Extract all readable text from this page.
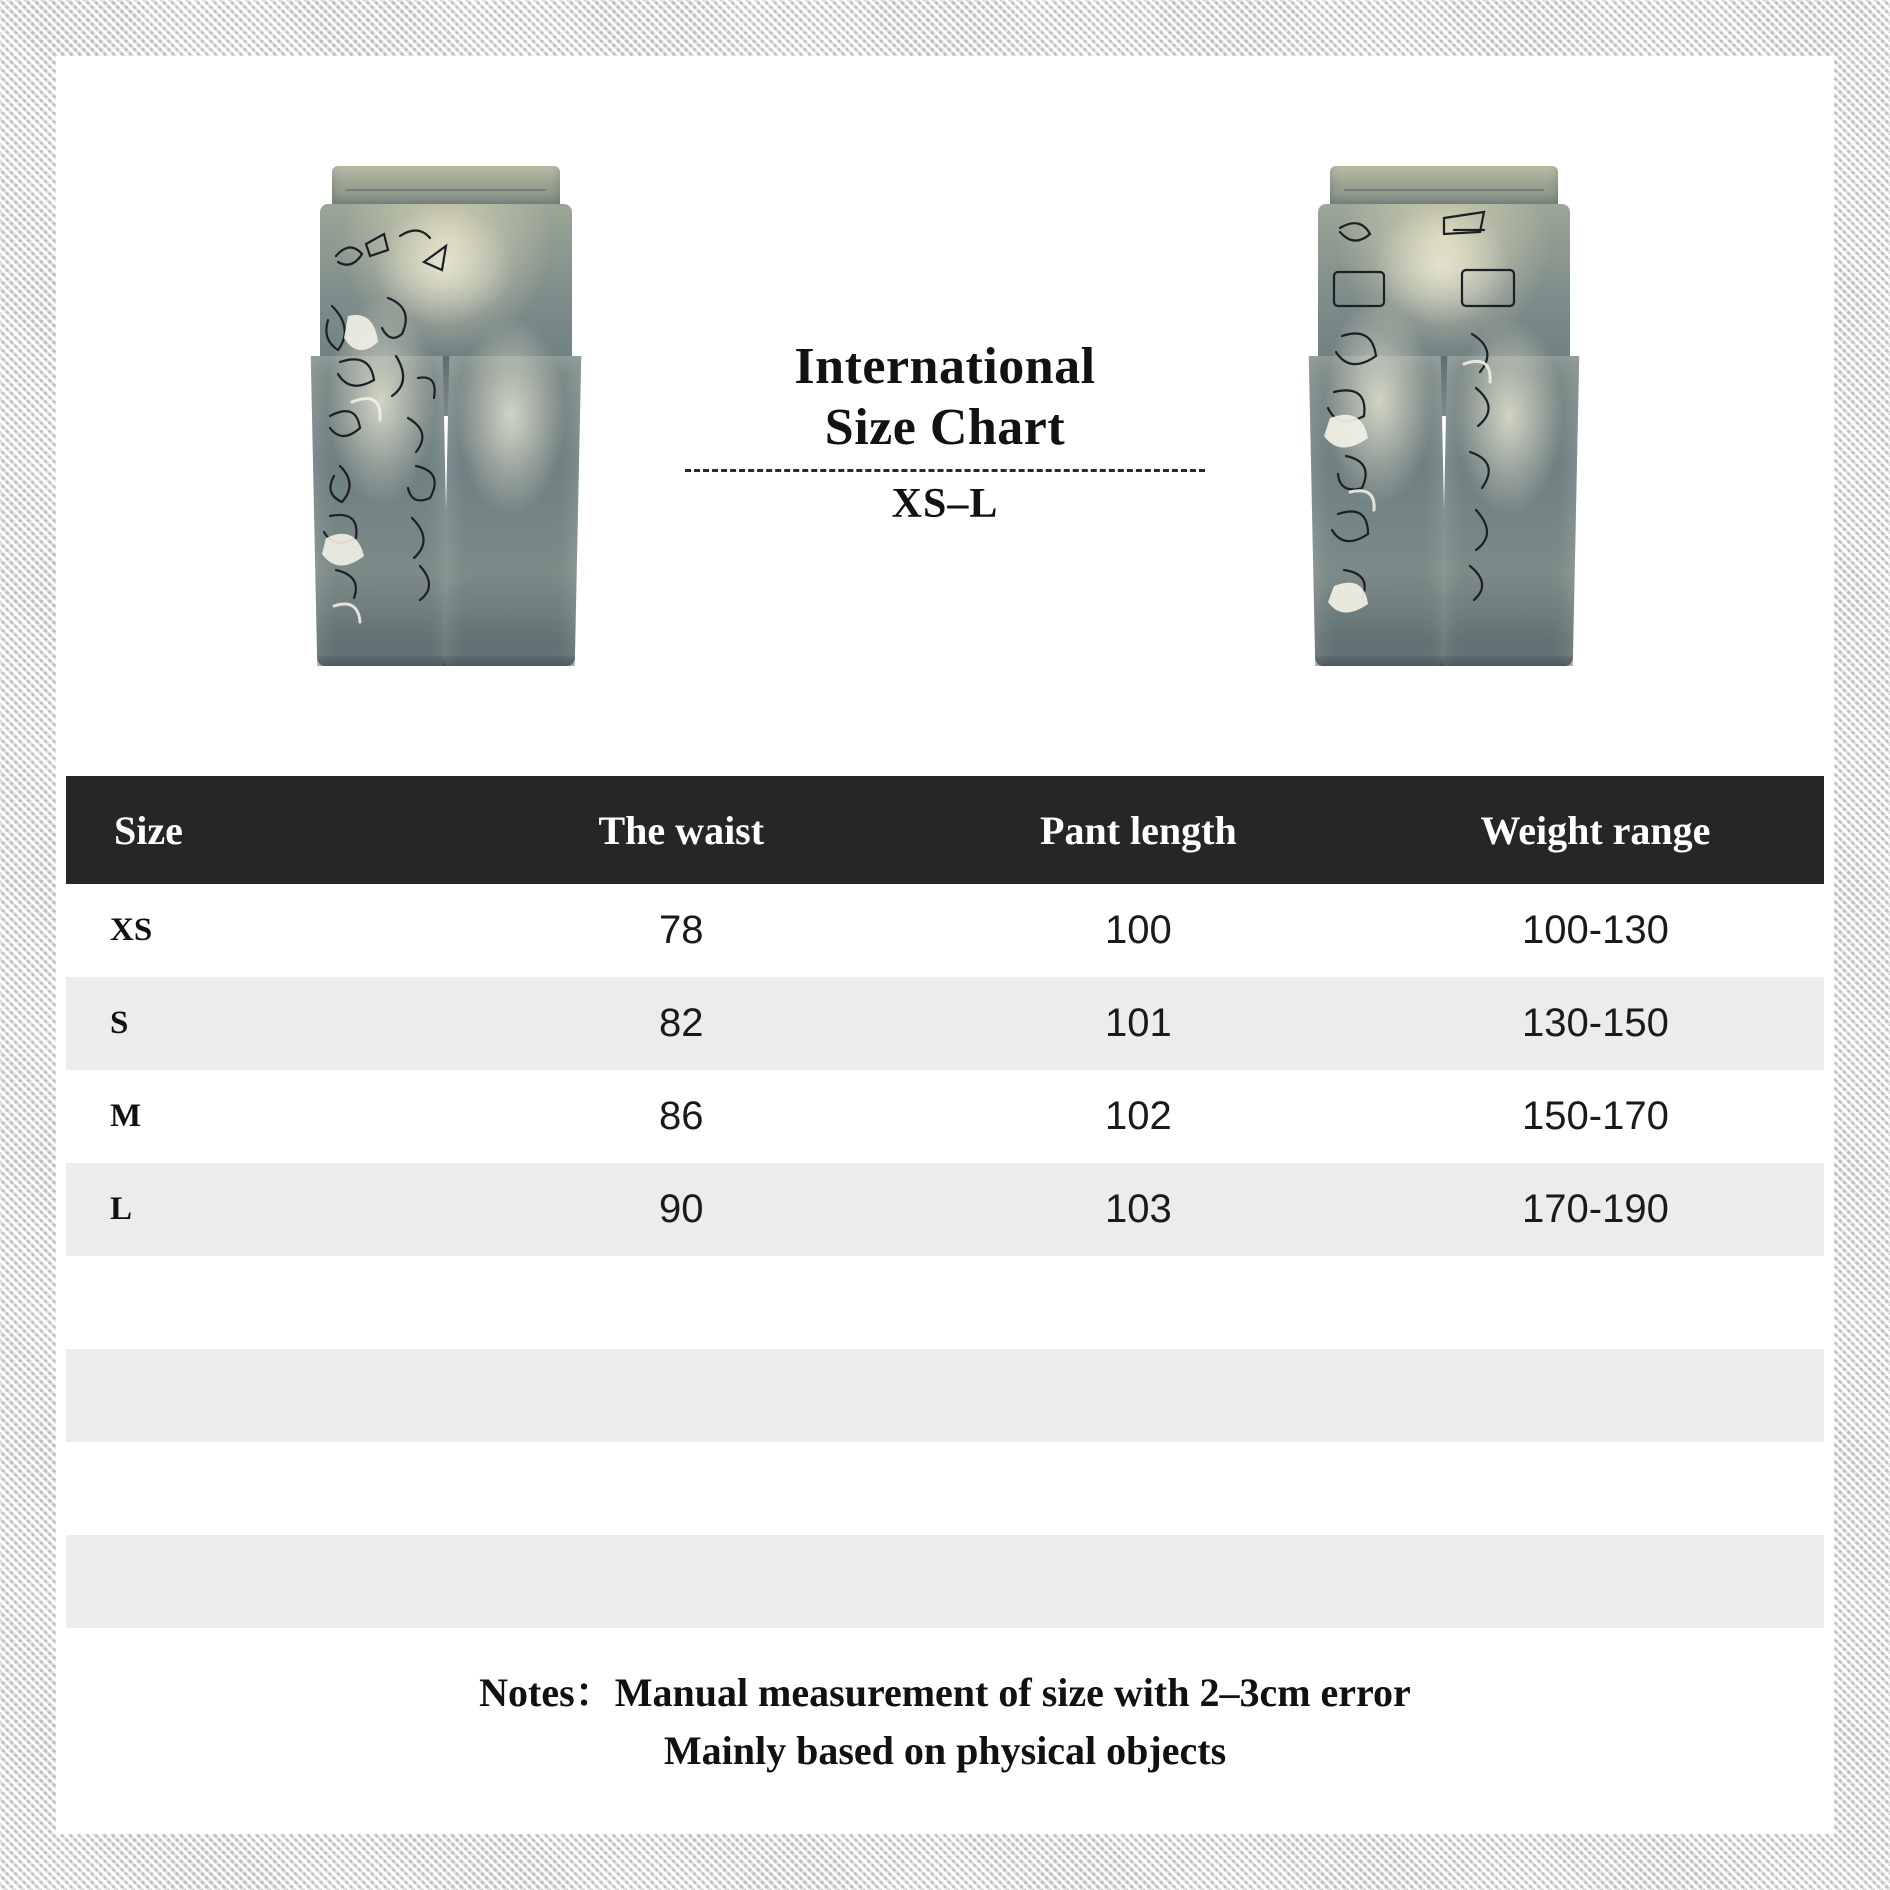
International
Size Chart
XS–L
Size	The waist	Pant length	Weight range
XS	78	100	100-130
S	82	101	130-150
M	86	102	150-170
L	90	103	170-190
Notes：Manual measurement of size with 2–3cm error
Mainly based on physical objects
